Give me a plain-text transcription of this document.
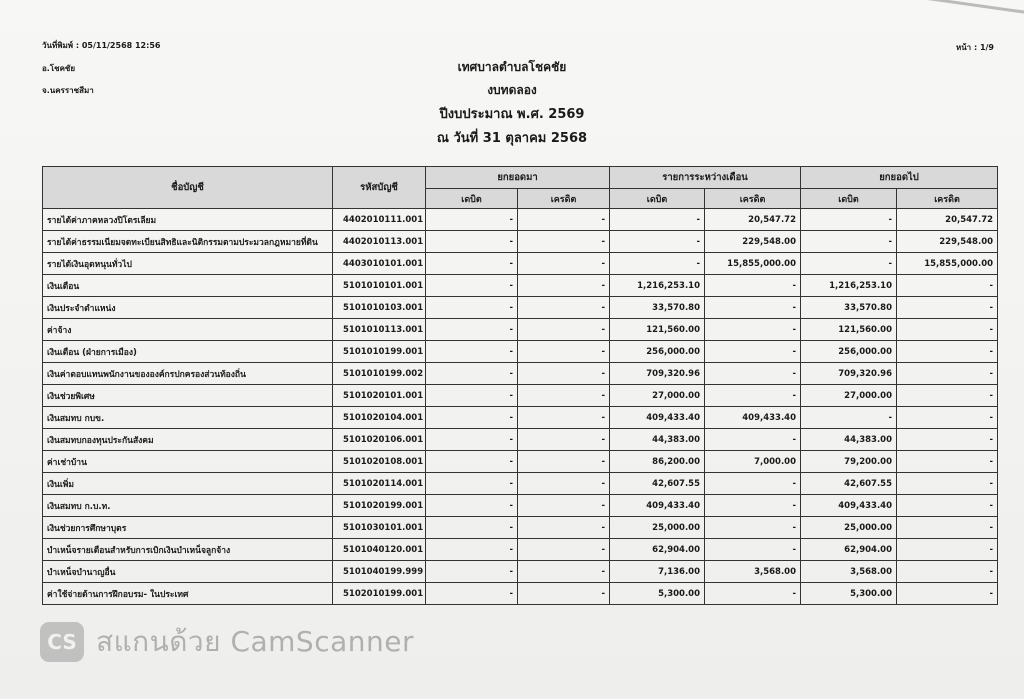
วันที่พิมพ์ : 05/11/2568 12:56
อ.โชคชัย
จ.นครราชสีมา
หน้า : 1/9
เทศบาลตำบลโชคชัย
งบทดลอง
ปีงบประมาณ พ.ศ. 2569
ณ วันที่ 31 ตุลาคม 2568
ชื่อบัญชี	รหัสบัญชี	ยกยอดมา		รายการระหว่างเดือน		ยกยอดไป	
		เดบิต	เครดิต	เดบิต	เครดิต	เดบิต	เครดิต
รายได้ค่าภาคหลวงปิโตรเลียม	4402010111.001	-	-	-	20,547.72	-	20,547.72
รายได้ค่าธรรมเนียมจดทะเบียนสิทธิและนิติกรรมตามประมวลกฎหมายที่ดิน	4402010113.001	-	-	-	229,548.00	-	229,548.00
รายได้เงินอุดหนุนทั่วไป	4403010101.001	-	-	-	15,855,000.00	-	15,855,000.00
เงินเดือน	5101010101.001	-	-	1,216,253.10	-	1,216,253.10	-
เงินประจำตำแหน่ง	5101010103.001	-	-	33,570.80	-	33,570.80	-
ค่าจ้าง	5101010113.001	-	-	121,560.00	-	121,560.00	-
เงินเดือน (ฝ่ายการเมือง)	5101010199.001	-	-	256,000.00	-	256,000.00	-
เงินค่าตอบแทนพนักงานขององค์กรปกครองส่วนท้องถิ่น	5101010199.002	-	-	709,320.96	-	709,320.96	-
เงินช่วยพิเศษ	5101020101.001	-	-	27,000.00	-	27,000.00	-
เงินสมทบ กบข.	5101020104.001	-	-	409,433.40	409,433.40	-	-
เงินสมทบกองทุนประกันสังคม	5101020106.001	-	-	44,383.00	-	44,383.00	-
ค่าเช่าบ้าน	5101020108.001	-	-	86,200.00	7,000.00	79,200.00	-
เงินเพิ่ม	5101020114.001	-	-	42,607.55	-	42,607.55	-
เงินสมทบ ก.บ.ท.	5101020199.001	-	-	409,433.40	-	409,433.40	-
เงินช่วยการศึกษาบุตร	5101030101.001	-	-	25,000.00	-	25,000.00	-
บำเหน็จรายเดือนสำหรับการเบิกเงินบำเหน็จลูกจ้าง	5101040120.001	-	-	62,904.00	-	62,904.00	-
บำเหน็จบำนาญอื่น	5101040199.999	-	-	7,136.00	3,568.00	3,568.00	-
ค่าใช้จ่ายด้านการฝึกอบรม- ในประเทศ	5102010199.001	-	-	5,300.00	-	5,300.00	-
CS สแกนด้วย CamScanner
